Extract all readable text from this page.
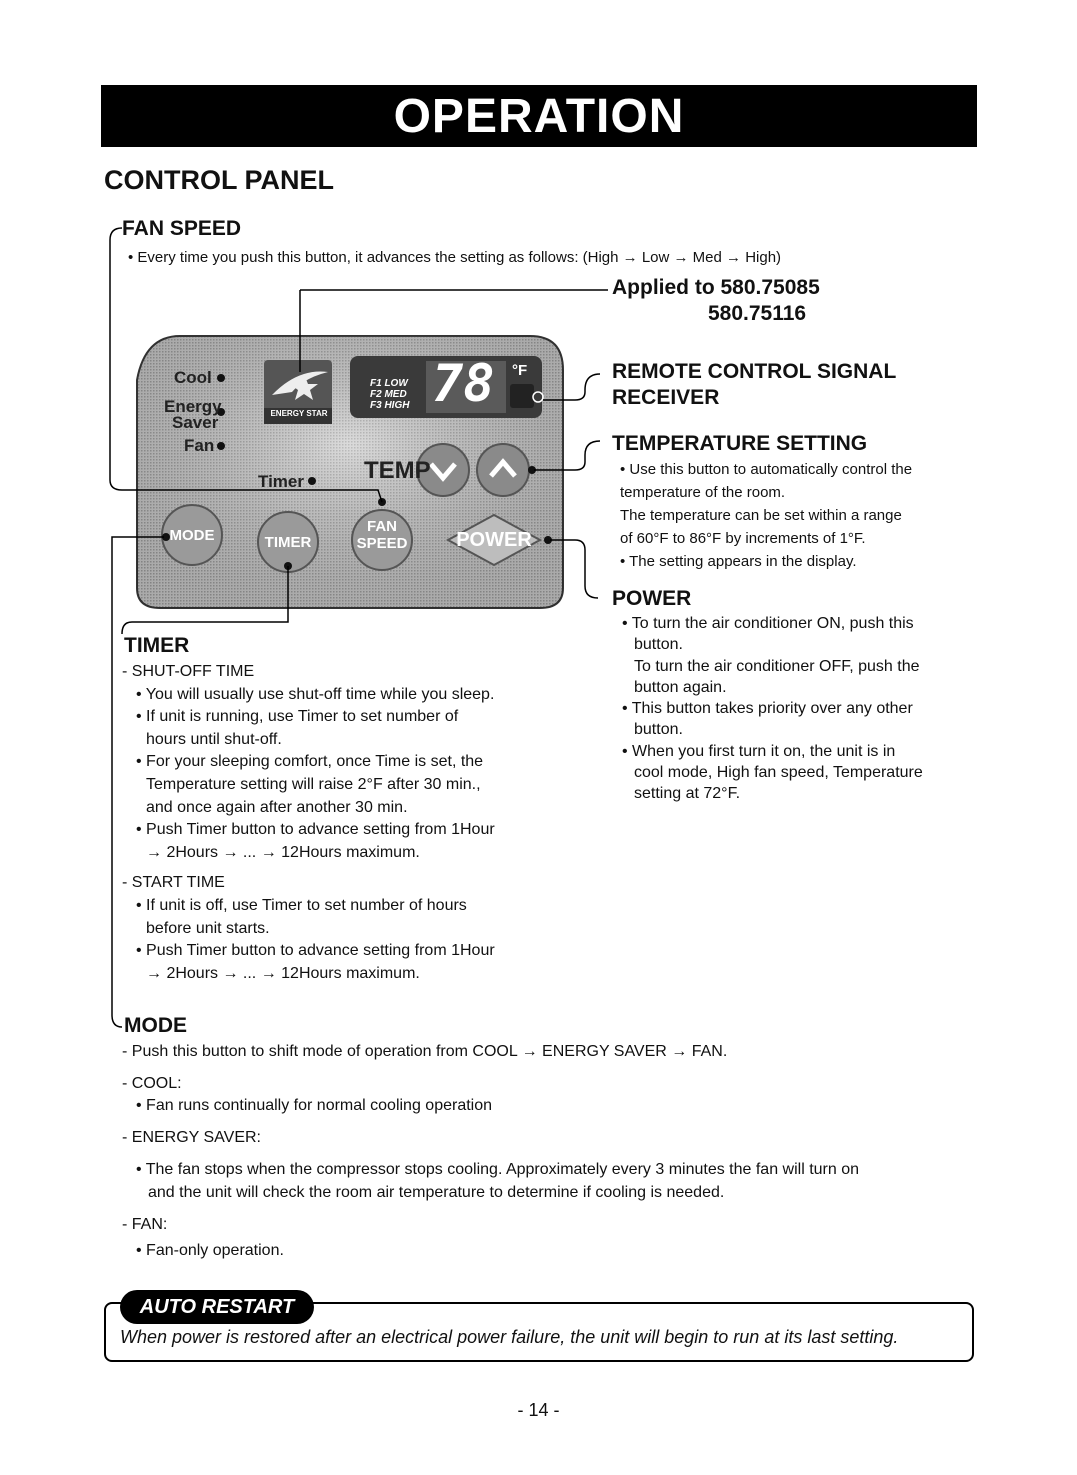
OPERATION
CONTROL PANEL
FAN SPEED
• Every time you push this button, it advances the setting as follows: (High → Low → Med → High)
Applied to 580.75085
580.75116
Cool
Energy
Saver
Fan
Timer
ENERGY STAR
F1 LOW
F2 MED
F3 HIGH 78 °F
TEMP
MODE	TIMER
FAN
SPEED POWER
REMOTE CONTROL SIGNAL
RECEIVER
TEMPERATURE SETTING
• Use this button to automatically control the
temperature of the room.
The temperature can be set within a range
of 60°F to 86°F by increments of 1°F.
• The setting appears in the display.
POWER
• To turn the air conditioner ON, push this
button.
To turn the air conditioner OFF, push the
button again.
• This button takes priority over any other
button.
• When you first turn it on, the unit is in
cool mode, High fan speed, Temperature
setting at 72°F.
TIMER
- SHUT-OFF TIME
• You will usually use shut-off time while you sleep.
• If unit is running, use Timer to set number of
hours until shut-off.
• For your sleeping comfort, once Time is set, the
Temperature setting will raise 2°F after 30 min.,
and once again after another 30 min.
• Push Timer button to advance setting from 1Hour
→ 2Hours → ... → 12Hours maximum.
- START TIME
• If unit is off, use Timer to set number of hours
before unit starts.
• Push Timer button to advance setting from 1Hour
→ 2Hours → ... → 12Hours maximum.
MODE
- Push this button to shift mode of operation from COOL → ENERGY SAVER → FAN.
- COOL:
• Fan runs continually for normal cooling operation
- ENERGY SAVER:
• The fan stops when the compressor stops cooling. Approximately every 3 minutes the fan will turn on
and the unit will check the room air temperature to determine if cooling is needed.
- FAN:
• Fan-only operation.
AUTO RESTART
When power is restored after an electrical power failure, the unit will begin to run at its last setting.
- 14 -
